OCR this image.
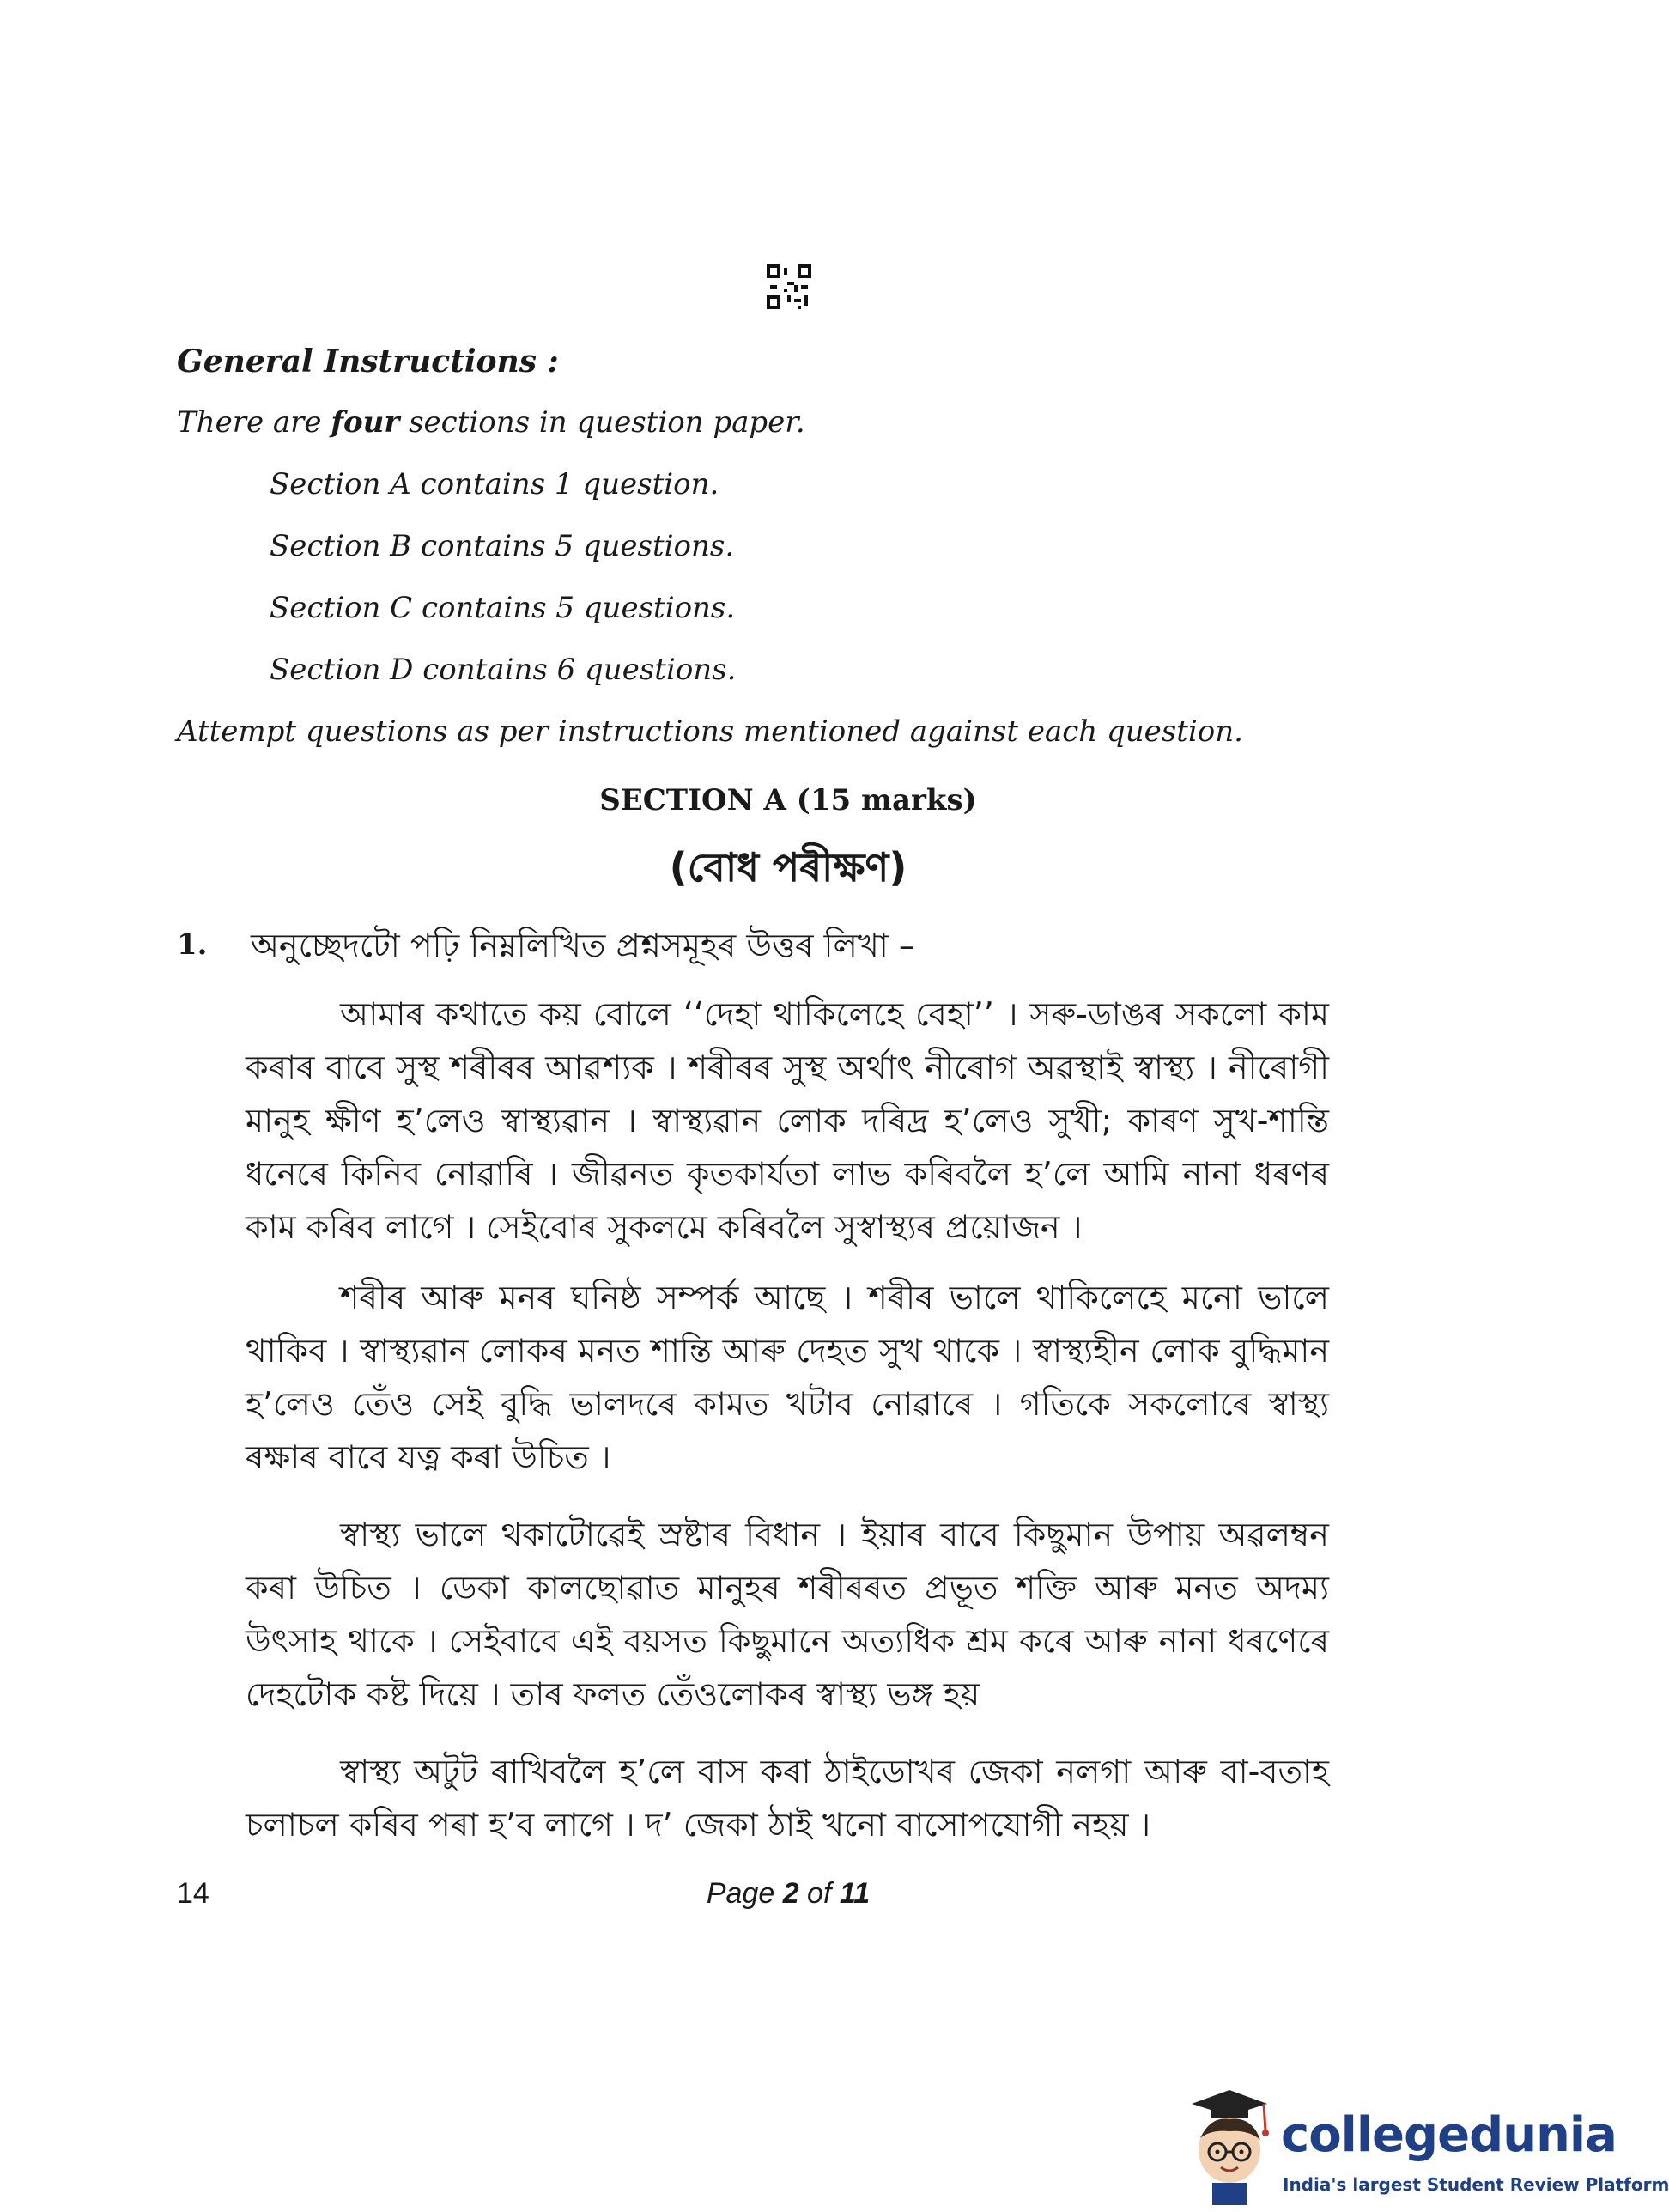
General Instructions :
There are four sections in question paper.
Section A contains 1 question.
Section B contains 5 questions.
Section C contains 5 questions.
Section D contains 6 questions.
Attempt questions as per instructions mentioned against each question.
SECTION A (15 marks)
(বোধ পৰীক্ষণ)
1. অনুচ্ছেদটো পঢ়ি নিম্নলিখিত প্ৰশ্নসমূহৰ উত্তৰ লিখা –

আমাৰ কথাতে কয় বোলে ‘‘দেহা থাকিলেহে বেহা’’ । সৰু-ডাঙৰ সকলো কাম কৰাৰ বাবে সুস্থ শৰীৰৰ আৱশ্যক । শৰীৰৰ সুস্থ অৰ্থাৎ নীৰোগ অৱস্থাই স্বাস্থ্য । নীৰোগী মানুহ ক্ষীণ হ’লেও স্বাস্থ্যৱান । স্বাস্থ্যৱান লোক দৰিদ্ৰ হ’লেও সুখী; কাৰণ সুখ-শান্তি ধনেৰে কিনিব নোৱাৰি । জীৱনত কৃতকাৰ্যতা লাভ কৰিবলৈ হ’লে আমি নানা ধৰণৰ কাম কৰিব লাগে । সেইবোৰ সুকলমে কৰিবলৈ সুস্বাস্থ্যৰ প্ৰয়োজন ।

শৰীৰ আৰু মনৰ ঘনিষ্ঠ সম্পৰ্ক আছে । শৰীৰ ভালে থাকিলেহে মনো ভালে থাকিব । স্বাস্থ্যৱান লোকৰ মনত শান্তি আৰু দেহত সুখ থাকে । স্বাস্থ্যহীন লোক বুদ্ধিমান হ’লেও তেঁও সেই বুদ্ধি ভালদৰে কামত খটাব নোৱাৰে । গতিকে সকলোৰে স্বাস্থ্য ৰক্ষাৰ বাবে যত্ন কৰা উচিত ।

স্বাস্থ্য ভালে থকাটোৱেই স্ৰষ্টাৰ বিধান । ইয়াৰ বাবে কিছুমান উপায় অৱলম্বন কৰা উচিত । ডেকা কালছোৱাত মানুহৰ শৰীৰৰত প্ৰভূত শক্তি আৰু মনত অদম্য উৎসাহ থাকে । সেইবাবে এই বয়সত কিছুমানে অত্যধিক শ্ৰম কৰে আৰু নানা ধৰণেৰে দেহটোক কষ্ট দিয়ে । তাৰ ফলত তেঁওলোকৰ স্বাস্থ্য ভঙ্গ হয়

স্বাস্থ্য অটুট ৰাখিবলৈ হ’লে বাস কৰা ঠাইডোখৰ জেকা নলগা আৰু বা-বতাহ চলাচল কৰিব পৰা হ’ব লাগে । দ’ জেকা ঠাই খনো বাসোপযোগী নহয় ।

14	Page 2 of 11
collegedunia
India's largest Student Review Platform
